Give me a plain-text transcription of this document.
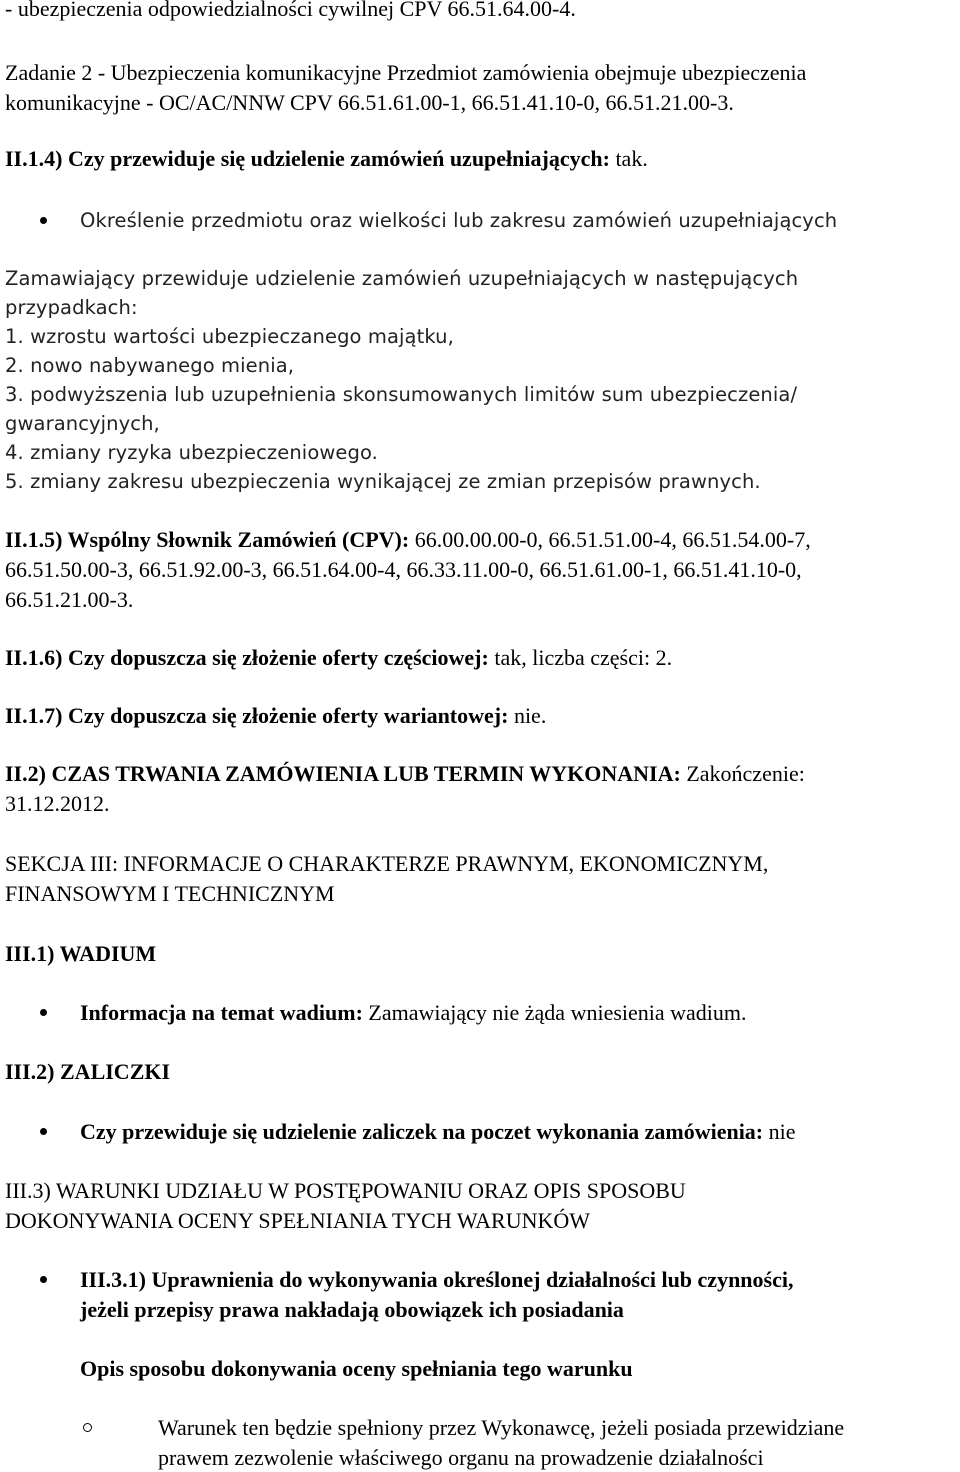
- ubezpieczenia odpowiedzialności cywilnej CPV 66.51.64.00-4.
Zadanie 2 - Ubezpieczenia komunikacyjne Przedmiot zamówienia obejmuje ubezpieczenia
komunikacyjne - OC/AC/NNW CPV 66.51.61.00-1, 66.51.41.10-0, 66.51.21.00-3.
II.1.4) Czy przewiduje się udzielenie zamówień uzupełniających: tak.
Określenie przedmiotu oraz wielkości lub zakresu zamówień uzupełniających
Zamawiający przewiduje udzielenie zamówień uzupełniających w następujących
przypadkach:
1. wzrostu wartości ubezpieczanego majątku,
2. nowo nabywanego mienia,
3. podwyższenia lub uzupełnienia skonsumowanych limitów sum ubezpieczenia/
gwarancyjnych,
4. zmiany ryzyka ubezpieczeniowego.
5. zmiany zakresu ubezpieczenia wynikającej ze zmian przepisów prawnych.
II.1.5) Wspólny Słownik Zamówień (CPV): 66.00.00.00-0, 66.51.51.00-4, 66.51.54.00-7,
66.51.50.00-3, 66.51.92.00-3, 66.51.64.00-4, 66.33.11.00-0, 66.51.61.00-1, 66.51.41.10-0,
66.51.21.00-3.
II.1.6) Czy dopuszcza się złożenie oferty częściowej: tak, liczba części: 2.
II.1.7) Czy dopuszcza się złożenie oferty wariantowej: nie.
II.2) CZAS TRWANIA ZAMÓWIENIA LUB TERMIN WYKONANIA: Zakończenie:
31.12.2012.
SEKCJA III: INFORMACJE O CHARAKTERZE PRAWNYM, EKONOMICZNYM,
FINANSOWYM I TECHNICZNYM
III.1) WADIUM
Informacja na temat wadium: Zamawiający nie żąda wniesienia wadium.
III.2) ZALICZKI
Czy przewiduje się udzielenie zaliczek na poczet wykonania zamówienia: nie
III.3) WARUNKI UDZIAŁU W POSTĘPOWANIU ORAZ OPIS SPOSOBU
DOKONYWANIA OCENY SPEŁNIANIA TYCH WARUNKÓW
III.3.1) Uprawnienia do wykonywania określonej działalności lub czynności,
jeżeli przepisy prawa nakładają obowiązek ich posiadania
Opis sposobu dokonywania oceny spełniania tego warunku
Warunek ten będzie spełniony przez Wykonawcę, jeżeli posiada przewidziane
prawem zezwolenie właściwego organu na prowadzenie działalności
